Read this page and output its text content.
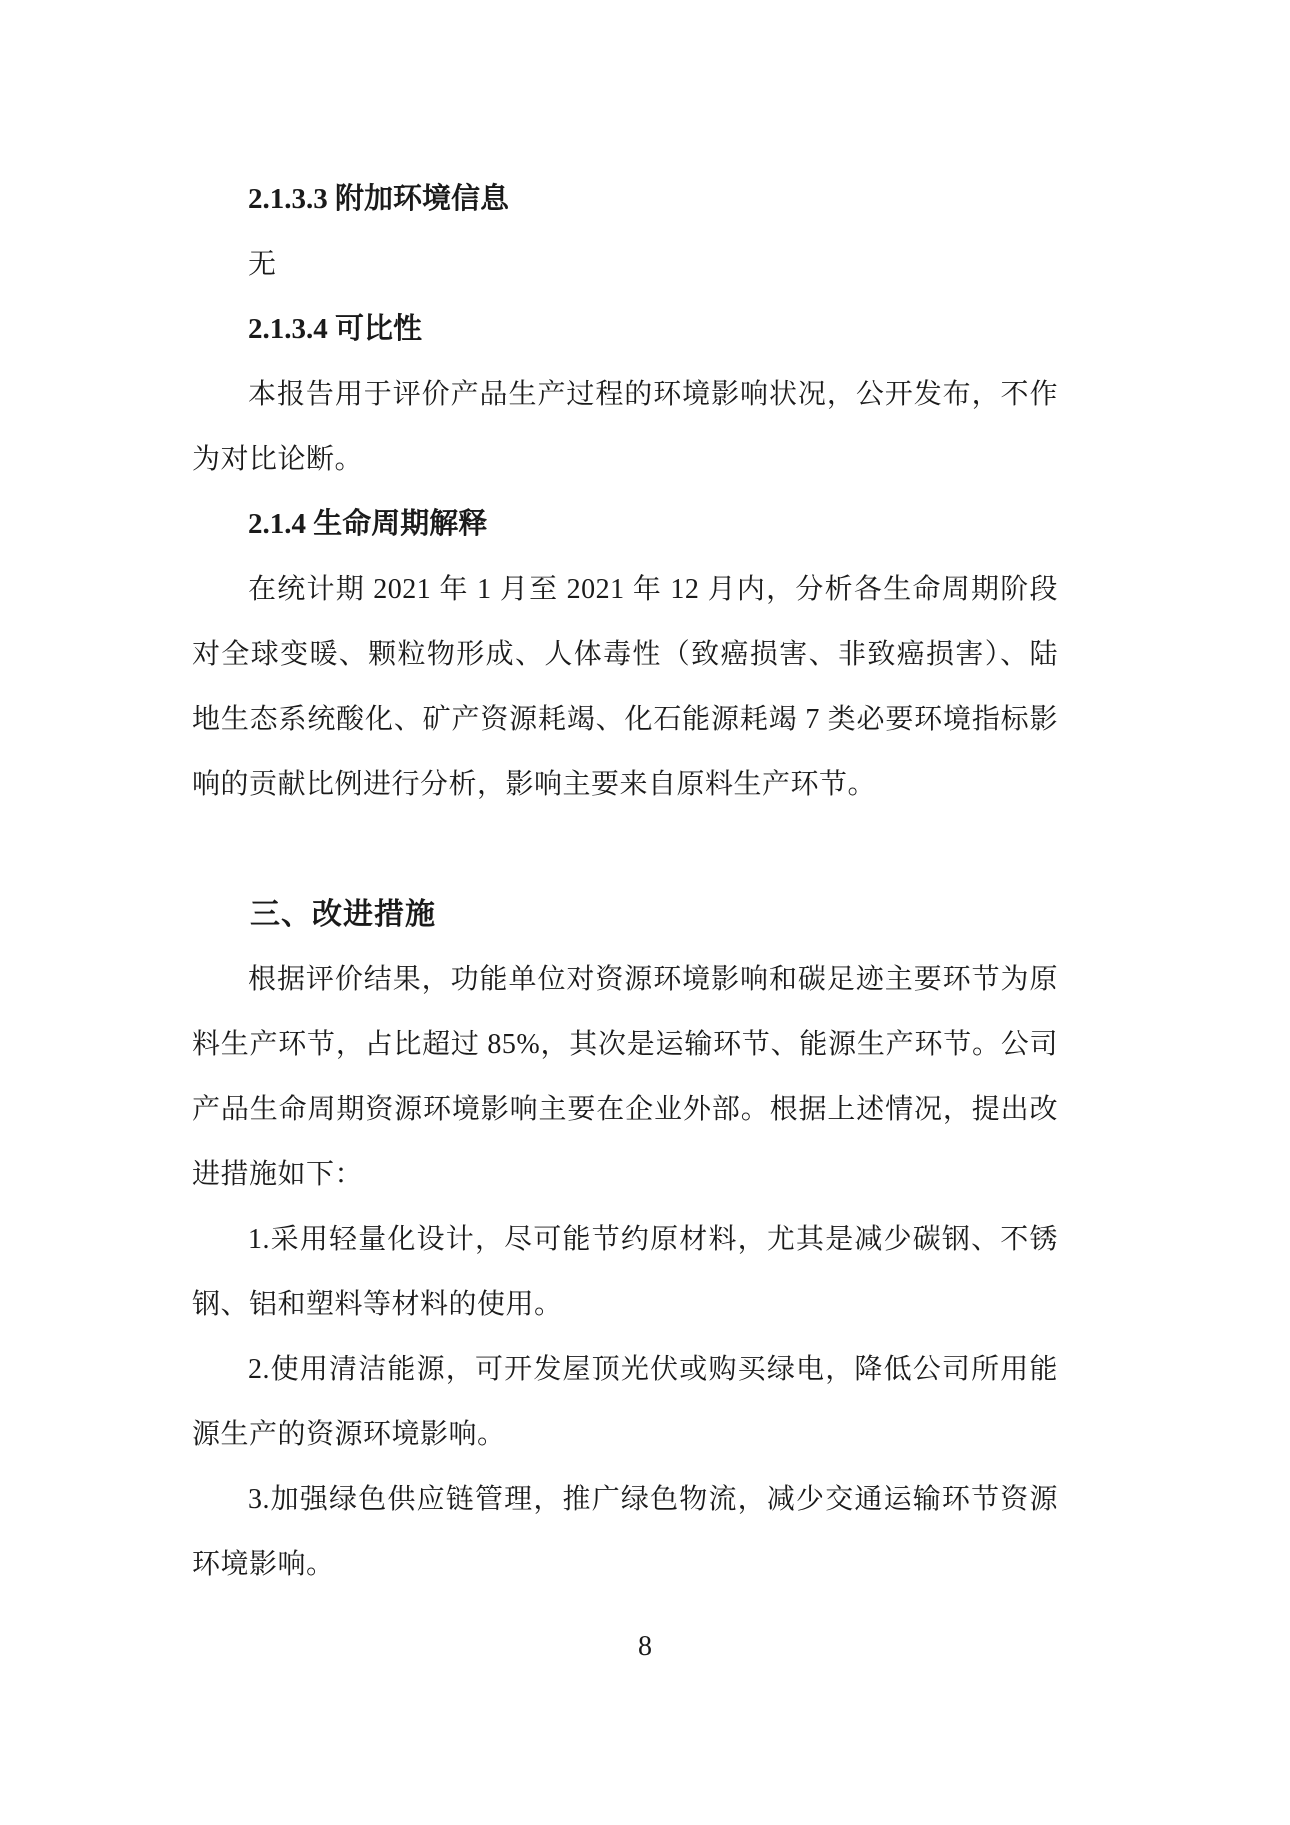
2.1.3.3 附加环境信息
无
2.1.3.4 可比性
本报告用于评价产品生产过程的环境影响状况，公开发布，不作
为对比论断。
2.1.4 生命周期解释
在统计期 2021 年 1 月至 2021 年 12 月内，分析各生命周期阶段
对全球变暖、颗粒物形成、人体毒性（致癌损害、非致癌损害）、陆
地生态系统酸化、矿产资源耗竭、化石能源耗竭 7 类必要环境指标影
响的贡献比例进行分析，影响主要来自原料生产环节。
三、改进措施
根据评价结果，功能单位对资源环境影响和碳足迹主要环节为原
料生产环节，占比超过 85%，其次是运输环节、能源生产环节。公司
产品生命周期资源环境影响主要在企业外部。根据上述情况，提出改
进措施如下：
1.采用轻量化设计，尽可能节约原材料，尤其是减少碳钢、不锈
钢、铝和塑料等材料的使用。
2.使用清洁能源，可开发屋顶光伏或购买绿电，降低公司所用能
源生产的资源环境影响。
3.加强绿色供应链管理，推广绿色物流，减少交通运输环节资源
环境影响。
8
